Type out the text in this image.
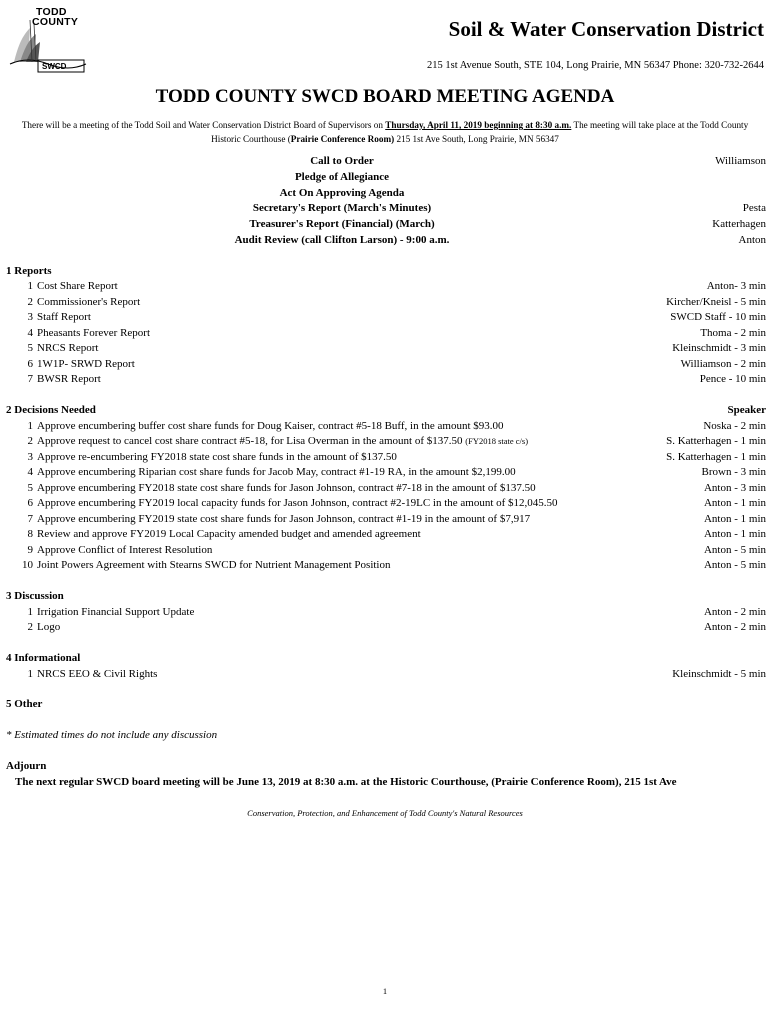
TODD
COUNTY
SWCD
Soil & Water Conservation District
215 1st Avenue South, STE 104, Long Prairie, MN 56347 Phone: 320-732-2644
TODD COUNTY SWCD BOARD MEETING AGENDA
There will be a meeting of the Todd Soil and Water Conservation District Board of Supervisors on Thursday, April 11, 2019 beginning at 8:30 a.m. The meeting will take place at the Todd County Historic Courthouse (Prairie Conference Room) 215 1st Ave South, Long Prairie, MN 56347
Call to Order	Williamson
Pledge of Allegiance
Act On Approving Agenda
Secretary's Report (March's Minutes)	Pesta
Treasurer's Report (Financial) (March)	Katterhagen
Audit Review (call Clifton Larson) - 9:00 a.m.	Anton
1 Reports
1 Cost Share Report	Anton- 3 min
2 Commissioner's Report	Kircher/Kneisl - 5 min
3 Staff Report	SWCD Staff - 10 min
4 Pheasants Forever Report	Thoma - 2 min
5 NRCS Report	Kleinschmidt - 3 min
6 1W1P- SRWD Report	Williamson - 2 min
7 BWSR Report	Pence - 10 min
2 Decisions Needed	Speaker
1 Approve encumbering buffer cost share funds for Doug Kaiser, contract #5-18 Buff, in the amount $93.00	Noska - 2 min
2 Approve request to cancel cost share contract #5-18, for Lisa Overman in the amount of $137.50 (FY2018 state c/s)	S. Katterhagen - 1 min
3 Approve re-encumbering FY2018 state cost share funds in the amount of $137.50	S. Katterhagen - 1 min
4 Approve encumbering Riparian cost share funds for Jacob May, contract #1-19 RA, in the amount $2,199.00	Brown - 3 min
5 Approve encumbering FY2018 state cost share funds for Jason Johnson, contract #7-18 in the amount of $137.50	Anton - 3 min
6 Approve encumbering FY2019 local capacity funds for Jason Johnson, contract #2-19LC in the amount of $12,045.50	Anton - 1 min
7 Approve encumbering FY2019 state cost share funds for Jason Johnson, contract #1-19 in the amount of $7,917	Anton - 1 min
8 Review and approve FY2019 Local Capacity amended budget and amended agreement	Anton - 1 min
9 Approve Conflict of Interest Resolution	Anton - 5 min
10 Joint Powers Agreement with Stearns SWCD for Nutrient Management Position	Anton - 5 min
3 Discussion
1 Irrigation Financial Support Update	Anton - 2 min
2 Logo	Anton - 2 min
4 Informational
1 NRCS EEO & Civil Rights	Kleinschmidt - 5 min
5 Other
* Estimated times do not include any discussion
Adjourn
The next regular SWCD board meeting will be June 13, 2019 at 8:30 a.m. at the Historic Courthouse, (Prairie Conference Room), 215 1st Ave
Conservation, Protection, and Enhancement of Todd County's Natural Resources
1
